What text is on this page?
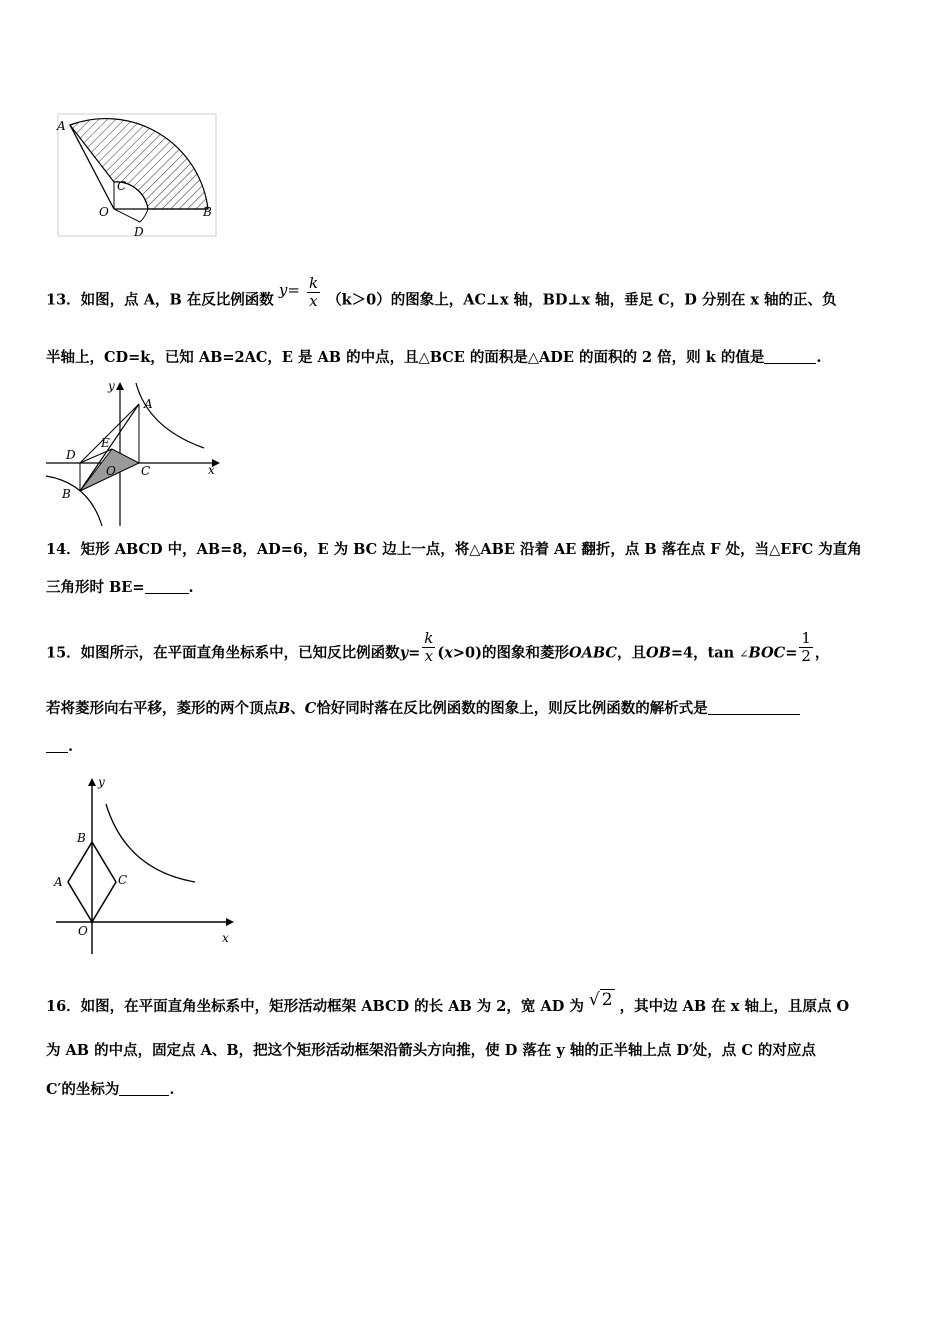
A
C
O	B
D
13．如图，点 A，B 在反比例函数 $y= \frac{k}{x} (k>0)$的图象上，AC⊥x 轴，BD⊥x 轴，垂足 C，D 分别在 x 轴的正、负
半轴上，CD=k，已知 AB=2AC，E 是 AB 的中点，且△BCE 的面积是△ADE 的面积的 2 倍，则 k 的值是	.
y
x
A
D
E
O C
B
14．矩形 ABCD 中，AB=8，AD=6，E 为 BC 边上一点，将△ABE 沿着 AE 翻折，点 B 落在点 F 处，当△EFC 为直角
三角形时 BE=	.
15．如图所示，在平面直角坐标系中，已知反比例函数$y= \frac{k}{x} (x>0)$的图象和菱形OABC，且OB=4，tan ∠BOC= $\frac{1}{2}$ ，
若将菱形向右平移，菱形的两个顶点B、C恰好同时落在反比例函数的图象上，则反比例函数的解析式是
.
y
B
A	C
O	x
16．如图，在平面直角坐标系中，矩形活动框架 ABCD 的长 AB 为 2，宽 AD 为 √ 2 ，其中边 AB 在 x 轴上，且原点 O
为 AB 的中点，固定点 A、B，把这个矩形活动框架沿箭头方向推，使 D 落在 y 轴的正半轴上点 D′处，点 C 的对应点
C′的坐标为	.
